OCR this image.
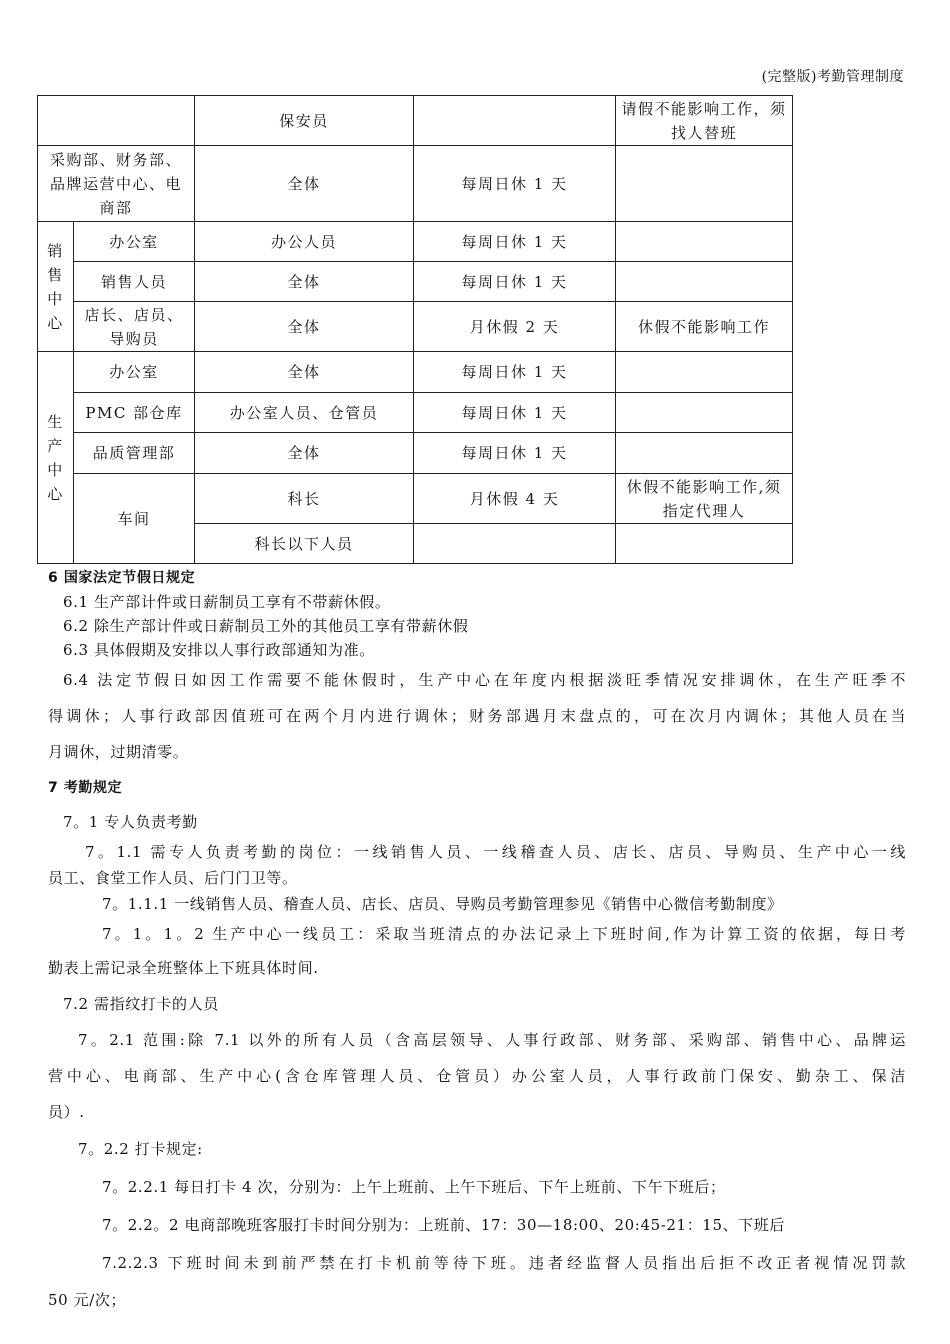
(完整版)考勤管理制度
		保安员		请假不能影响工作，须找人替班
采购部、财务部、品牌运营中心、电商部		全体	每周日休 1 天	

销
售
中
心	办公室	办公人员	每周日休 1 天	
	销售人员	全体	每周日休 1 天	
	店长、店员、导购员	全体	月休假 2 天	休假不能影响工作

生
产
中
心	办公室	全体	每周日休 1 天	
	PMC 部仓库	办公室人员、仓管员	每周日休 1 天	
	品质管理部	全体	每周日休 1 天	
	车间	科长	月休假 4 天	休假不能影响工作,须指定代理人
		科长以下人员		
6 国家法定节假日规定
6.1 生产部计件或日薪制员工享有不带薪休假。
6.2 除生产部计件或日薪制员工外的其他员工享有带薪休假
6.3 具体假期及安排以人事行政部通知为准。
6.4 法定节假日如因工作需要不能休假时，生产中心在年度内根据淡旺季情况安排调休，在生产旺季不
得调休；人事行政部因值班可在两个月内进行调休；财务部遇月末盘点的，可在次月内调休；其他人员在当
月调休，过期清零。
7 考勤规定
7。1 专人负责考勤
7。1.1 需专人负责考勤的岗位：一线销售人员、一线稽查人员、店长、店员、导购员、生产中心一线
员工、食堂工作人员、后门门卫等。
7。1.1.1 一线销售人员、稽查人员、店长、店员、导购员考勤管理参见《销售中心微信考勤制度》
7。1。1。2 生产中心一线员工：采取当班清点的办法记录上下班时间,作为计算工资的依据，每日考
勤表上需记录全班整体上下班具体时间.
7.2 需指纹打卡的人员
7。2.1 范围:除 7.1 以外的所有人员（含高层领导、人事行政部、财务部、采购部、销售中心、品牌运
营中心、电商部、生产中心(含仓库管理人员、仓管员）办公室人员，人事行政前门保安、勤杂工、保洁
员）.
7。2.2 打卡规定:
7。2.2.1 每日打卡 4 次，分别为：上午上班前、上午下班后、下午上班前、下午下班后；
7。2.2。2 电商部晚班客服打卡时间分别为：上班前、17：30—18:00、20:45-21：15、下班后
7.2.2.3 下班时间未到前严禁在打卡机前等待下班。违者经监督人员指出后拒不改正者视情况罚款
50 元/次；
